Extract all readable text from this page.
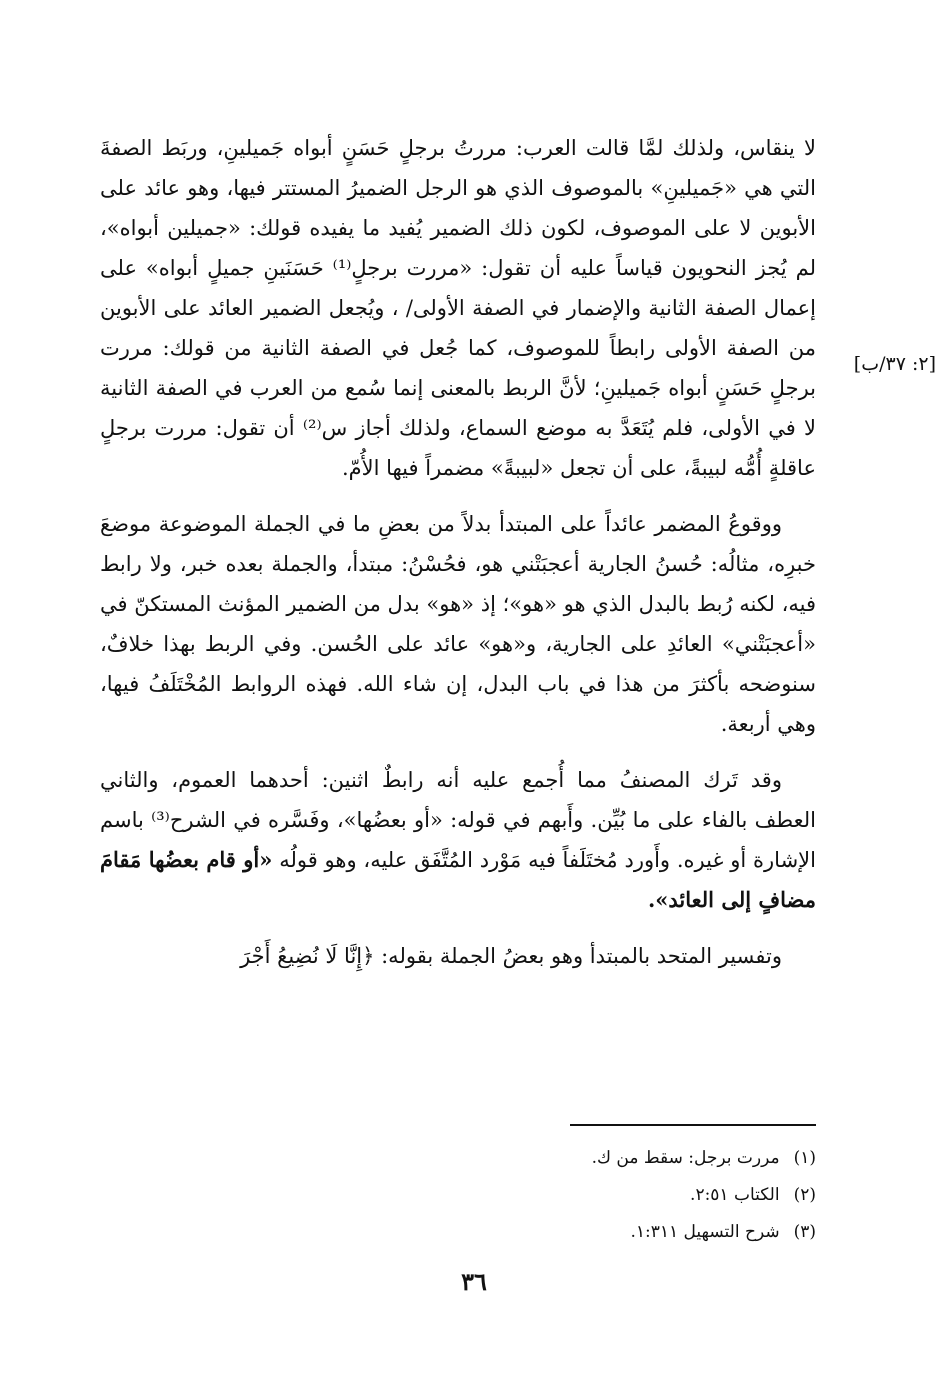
[٢: ٣٧/ب]

لا ينقاس، ولذلك لمَّا قالت العرب: مررتُ برجلٍ حَسَنٍ أبواه جَميلينِ، وربَط الصفةَ التي هي «جَميلينِ» بالموصوف الذي هو الرجل الضميرُ المستتر فيها، وهو عائد على الأبوين لا على الموصوف، لكون ذلك الضمير يُفيد ما يفيده قولك: «جميلين أبواه»، لم يُجز النحويون قياساً عليه أن تقول: «مررت برجلٍ⁽¹⁾ حَسَنَينِ جميلٍ أبواه» على إعمال الصفة الثانية والإضمار في الصفة الأولى/ ، ويُجعل الضمير العائد على الأبوين من الصفة الأولى رابطاً للموصوف، كما جُعل في الصفة الثانية من قولك: مررت برجلٍ حَسَنٍ أبواه جَميلينِ؛ لأنَّ الربط بالمعنى إنما سُمع من العرب في الصفة الثانية لا في الأولى، فلم يُتَعَدَّ به موضع السماع، ولذلك أجاز س⁽²⁾ أن تقول: مررت برجلٍ عاقلةٍ أُمُّه لبيبةً، على أن تجعل «لبيبةً» مضمراً فيها الأُمّ.

ووقوعُ المضمر عائداً على المبتدأ بدلاً من بعضِ ما في الجملة الموضوعة موضعَ خبرِه، مثالُه: حُسنُ الجارية أعجبَتْني هو، فحُسْنُ: مبتدأ، والجملة بعده خبر، ولا رابط فيه، لكنه رُبط بالبدل الذي هو «هو»؛ إذ «هو» بدل من الضمير المؤنث المستكنّ في «أعجبَتْني» العائدِ على الجارية، و«هو» عائد على الحُسن. وفي الربط بهذا خلافٌ، سنوضحه بأكثرَ من هذا في باب البدل، إن شاء الله. فهذه الروابط المُخْتَلَفُ فيها، وهي أربعة.

وقد تَرك المصنفُ مما أُجمع عليه أنه رابطٌ اثنين: أحدهما العموم، والثاني العطف بالفاء على ما بُيِّن. وأَبهم في قوله: «أو بعضُها»، وفَسَّره في الشرح⁽³⁾ باسم الإشارة أو غيره. وأَورد مُختَلَفاً فيه مَوْرد المُتَّفَق عليه، وهو قولُه «أو قام بعضُها مَقامَ مضافٍ إلى العائد».

وتفسير المتحد بالمبتدأ وهو بعضُ الجملة بقوله: ﴿إِنَّا لَا نُضِيعُ أَجْرَ

(١)مررت برجل: سقط من ك.
(٢)الكتاب ٢:٥١.
(٣)شرح التسهيل ١:٣١١.
٣٦
